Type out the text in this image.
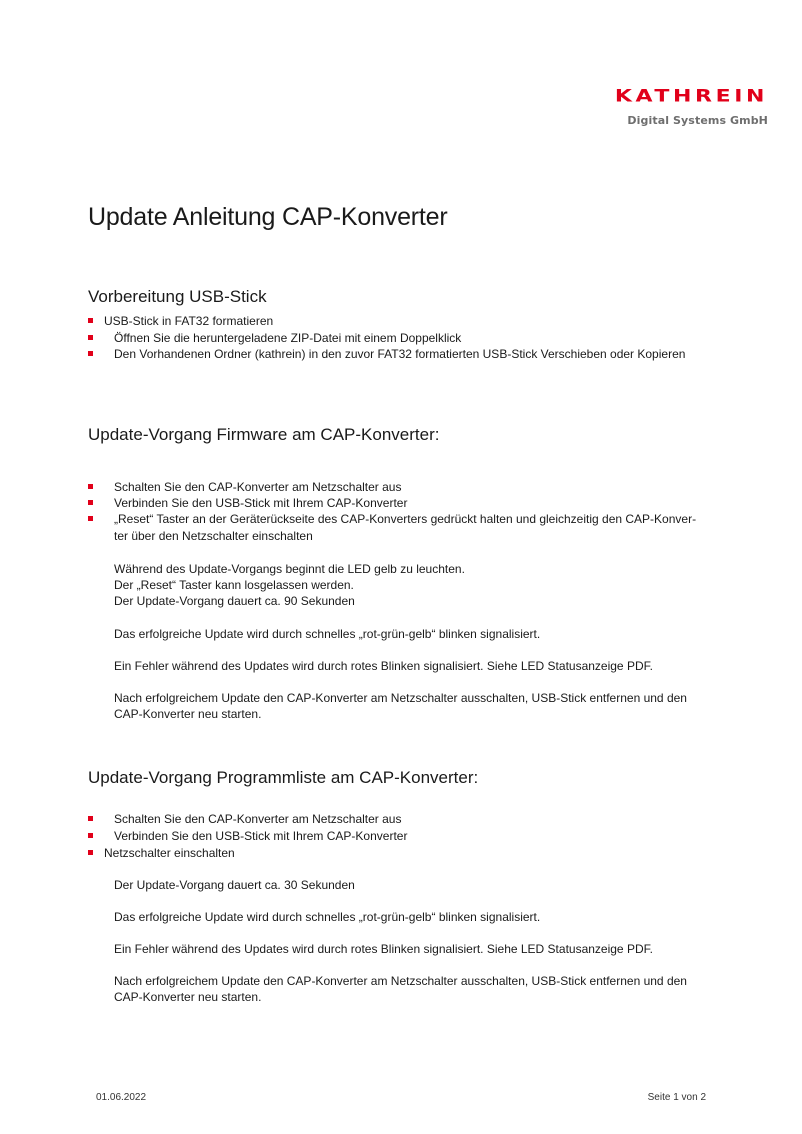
KATHREIN
Digital Systems GmbH
Update Anleitung CAP-Konverter
Vorbereitung USB-Stick
USB-Stick in FAT32 formatieren
Öffnen Sie die heruntergeladene ZIP-Datei mit einem Doppelklick
Den Vorhandenen Ordner (kathrein) in den zuvor FAT32 formatierten USB-Stick Verschieben oder Kopieren
Update-Vorgang Firmware am CAP-Konverter:
Schalten Sie den CAP-Konverter am Netzschalter aus
Verbinden Sie den USB-Stick mit Ihrem CAP-Konverter
„Reset“ Taster an der Geräterückseite des CAP-Konverters gedrückt halten und gleichzeitig den CAP-Konver-
ter über den Netzschalter einschalten
Während des Update-Vorgangs beginnt die LED gelb zu leuchten.
Der „Reset“ Taster kann losgelassen werden.
Der Update-Vorgang dauert ca. 90 Sekunden
Das erfolgreiche Update wird durch schnelles „rot-grün-gelb“ blinken signalisiert.
Ein Fehler während des Updates wird durch rotes Blinken signalisiert. Siehe LED Statusanzeige PDF.
Nach erfolgreichem Update den CAP-Konverter am Netzschalter ausschalten, USB-Stick entfernen und den
CAP-Konverter neu starten.
Update-Vorgang Programmliste am CAP-Konverter:
Schalten Sie den CAP-Konverter am Netzschalter aus
Verbinden Sie den USB-Stick mit Ihrem CAP-Konverter
Netzschalter einschalten
Der Update-Vorgang dauert ca. 30 Sekunden
Das erfolgreiche Update wird durch schnelles „rot-grün-gelb“ blinken signalisiert.
Ein Fehler während des Updates wird durch rotes Blinken signalisiert. Siehe LED Statusanzeige PDF.
Nach erfolgreichem Update den CAP-Konverter am Netzschalter ausschalten, USB-Stick entfernen und den
CAP-Konverter neu starten.
01.06.2022	Seite 1 von 2
